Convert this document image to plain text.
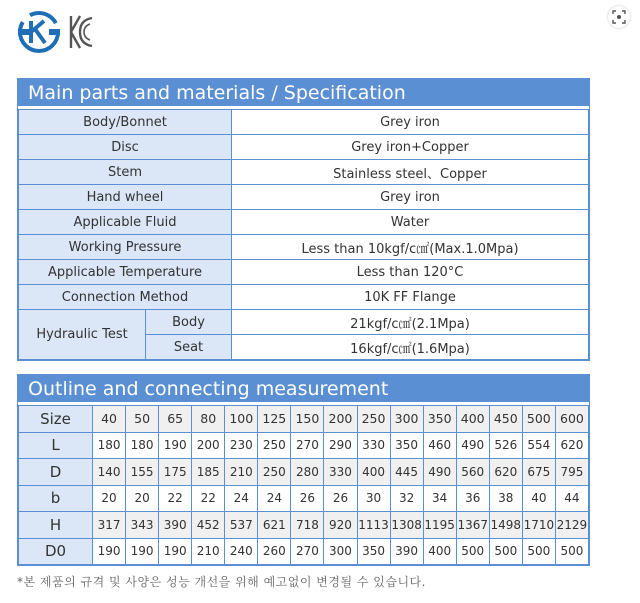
Main parts and materials / Specification
Body/Bonnet		Grey iron
Disc		Grey iron+Copper
Stem		Stainless steel、Copper
Hand wheel		Grey iron
Applicable Fluid		Water
Working Pressure		Less than 10kgf/c㎠(Max.1.0Mpa)
Applicable Temperature		Less than 120°C
Connection Method		10K FF Flange
Hydraulic Test	Body	21kgf/c㎠(2.1Mpa)
	Seat	16kgf/c㎠(1.6Mpa)
Outline and connecting measurement
Size	40	50	65	80	100	125	150	200	250	300	350	400	450	500	600
L	180	180	190	200	230	250	270	290	330	350	460	490	526	554	620
D	140	155	175	185	210	250	280	330	400	445	490	560	620	675	795
b	20	20	22	22	24	24	26	26	30	32	34	36	38	40	44
H	317	343	390	452	537	621	718	920	1113	1308	1195	1367	1498	1710	2129
D0	190	190	190	210	240	260	270	300	350	390	400	500	500	500	500
*본 제품의 규격 및 사양은 성능 개선을 위해 예고없이 변경될 수 있습니다.
